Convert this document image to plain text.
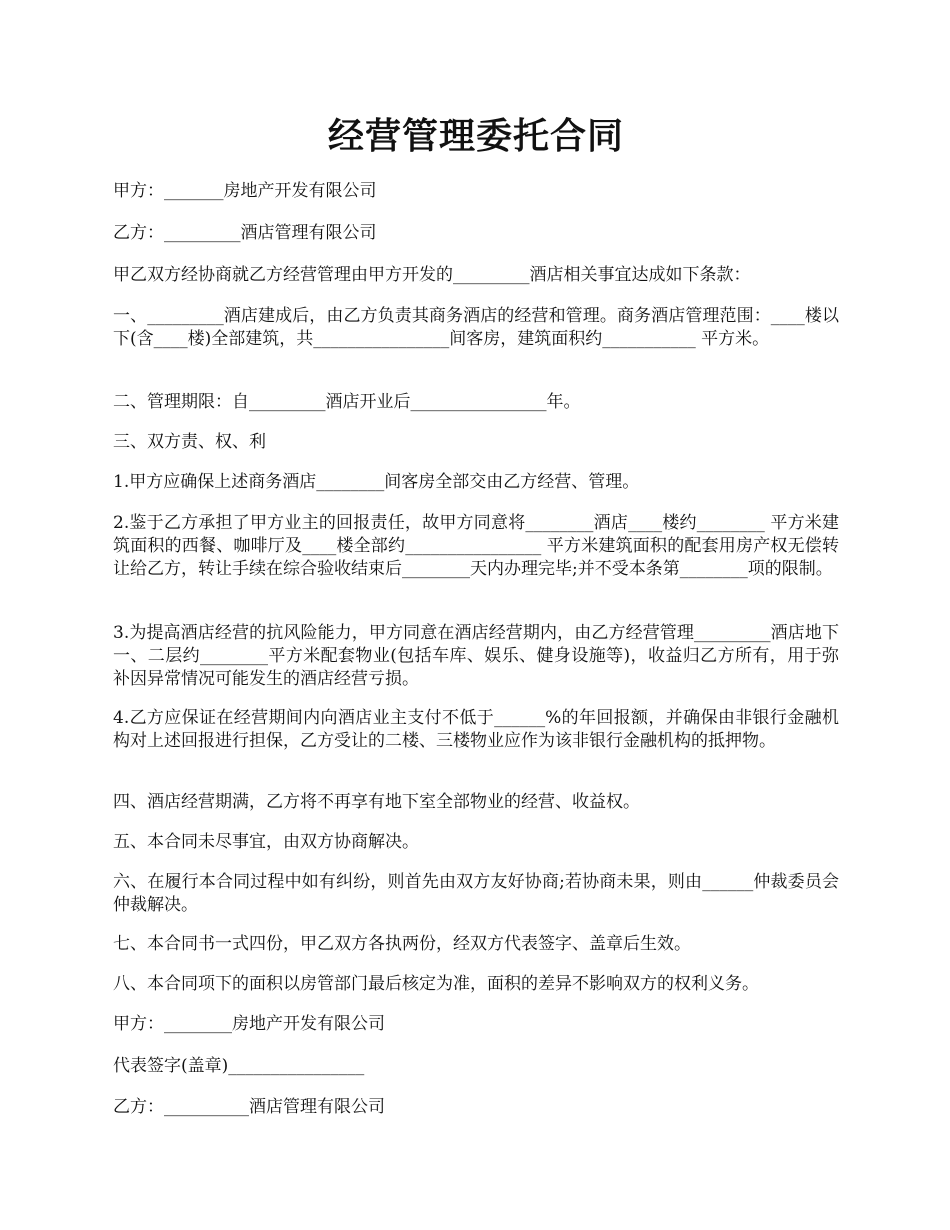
经营管理委托合同

甲方：_______房地产开发有限公司

乙方：_________酒店管理有限公司

甲乙双方经协商就乙方经营管理由甲方开发的_________酒店相关事宜达成如下条款：

一、_________酒店建成后，由乙方负责其商务酒店的经营和管理。商务酒店管理范围：____楼以下(含____楼)全部建筑，共________________间客房，建筑面积约___________ 平方米。

二、管理期限：自_________酒店开业后________________年。

三、双方责、权、利

1.甲方应确保上述商务酒店________间客房全部交由乙方经营、管理。

2.鉴于乙方承担了甲方业主的回报责任，故甲方同意将________酒店____楼约________ 平方米建筑面积的西餐、咖啡厅及____楼全部约________________ 平方米建筑面积的配套用房产权无偿转让给乙方，转让手续在综合验收结束后________天内办理完毕;并不受本条第________项的限制。

3.为提高酒店经营的抗风险能力，甲方同意在酒店经营期内，由乙方经营管理_________酒店地下一、二层约________平方米配套物业(包括车库、娱乐、健身设施等)，收益归乙方所有，用于弥补因异常情况可能发生的酒店经营亏损。

4.乙方应保证在经营期间内向酒店业主支付不低于______%的年回报额，并确保由非银行金融机构对上述回报进行担保，乙方受让的二楼、三楼物业应作为该非银行金融机构的抵押物。

四、酒店经营期满，乙方将不再享有地下室全部物业的经营、收益权。

五、本合同未尽事宜，由双方协商解决。

六、在履行本合同过程中如有纠纷，则首先由双方友好协商;若协商未果，则由______仲裁委员会仲裁解决。

七、本合同书一式四份，甲乙双方各执两份，经双方代表签字、盖章后生效。

八、本合同项下的面积以房管部门最后核定为准，面积的差异不影响双方的权利义务。

甲方：________房地产开发有限公司

代表签字(盖章)________________

乙方：__________酒店管理有限公司
